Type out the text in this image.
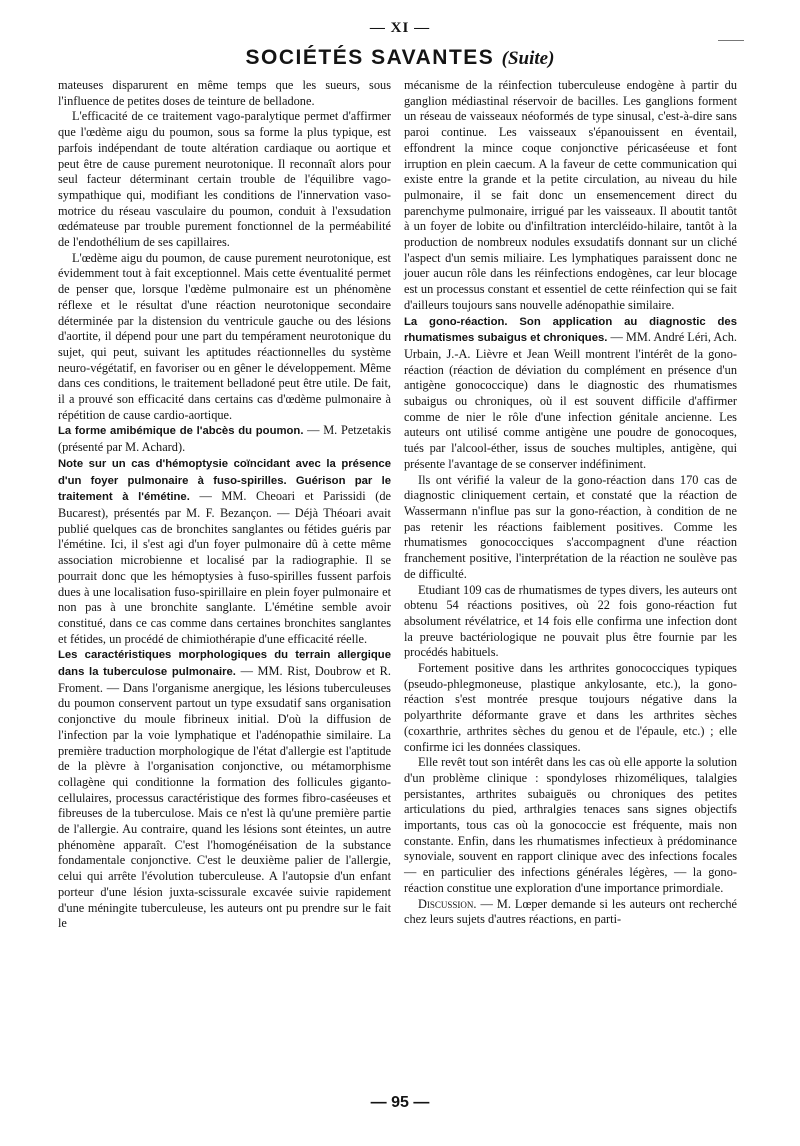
— XI —
SOCIÉTÉS SAVANTES (Suite)

mateuses disparurent en même temps que les sueurs, sous l'influence de petites doses de teinture de belladone.

L'efficacité de ce traitement vago-paralytique permet d'affirmer que l'œdème aigu du poumon, sous sa forme la plus typique, est parfois indépendant de toute altération cardiaque ou aortique et peut être de cause purement neurotonique. Il reconnaît alors pour seul facteur déterminant certain trouble de l'équilibre vago-sympathique qui, modifiant les conditions de l'innervation vaso-motrice du réseau vasculaire du poumon, conduit à l'exsudation œdémateuse par trouble purement fonctionnel de la perméabilité de l'endothélium de ses capillaires.

L'œdème aigu du poumon, de cause purement neurotonique, est évidemment tout à fait exceptionnel. Mais cette éventualité permet de penser que, lorsque l'œdème pulmonaire est un phénomène réflexe et le résultat d'une réaction neurotonique secondaire déterminée par la distension du ventricule gauche ou des lésions d'aortite, il dépend pour une part du tempérament neurotonique du sujet, qui peut, suivant les aptitudes réactionnelles du système neuro-végétatif, en favoriser ou en gêner le développement. Même dans ces conditions, le traitement belladoné peut être utile. De fait, il a prouvé son efficacité dans certains cas d'œdème pulmonaire à répétition de cause cardio-aortique.

La forme amibémique de l'abcès du poumon. — M. Petzetakis (présenté par M. Achard).

Note sur un cas d'hémoptysie coïncidant avec la présence d'un foyer pulmonaire à fuso-spirilles. Guérison par le traitement à l'émétine. — MM. Cheoari et Parissidi (de Bucarest), présentés par M. F. Bezançon. — Déjà Théoari avait publié quelques cas de bronchites sanglantes ou fétides guéris par l'émétine. Ici, il s'est agi d'un foyer pulmonaire dû à cette même association microbienne et localisé par la radiographie. Il se pourrait donc que les hémoptysies à fuso-spirilles fussent parfois dues à une localisation fuso-spirillaire en plein foyer pulmonaire et non pas à une bronchite sanglante. L'émétine semble avoir constitué, dans ce cas comme dans certaines bronchites sanglantes et fétides, un procédé de chimiothérapie d'une efficacité réelle.

Les caractéristiques morphologiques du terrain allergique dans la tuberculose pulmonaire. — MM. Rist, Doubrow et R. Froment. — Dans l'organisme anergique, les lésions tuberculeuses du poumon conservent partout un type exsudatif sans organisation conjonctive du moule fibrineux initial. D'où la diffusion de l'infection par la voie lymphatique et l'adénopathie similaire. La première traduction morphologique de l'état d'allergie est l'aptitude de la plèvre à l'organisation conjonctive, ou métamorphisme collagène qui conditionne la formation des follicules giganto-cellulaires, processus caractéristique des formes fibro-caséeuses et fibreuses de la tuberculose. Mais ce n'est là qu'une première partie de l'allergie. Au contraire, quand les lésions sont éteintes, un autre phénomène apparaît. C'est l'homogénéisation de la substance fondamentale conjonctive. C'est le deuxième palier de l'allergie, celui qui arrête l'évolution tuberculeuse. A l'autopsie d'un enfant porteur d'une lésion juxta-scissurale excavée suivie rapidement d'une méningite tuberculeuse, les auteurs ont pu prendre sur le fait le

mécanisme de la réinfection tuberculeuse endogène à partir du ganglion médiastinal réservoir de bacilles. Les ganglions forment un réseau de vaisseaux néoformés de type sinusal, c'est-à-dire sans paroi continue. Les vaisseaux s'épanouissent en éventail, effondrent la mince coque conjonctive péricaséeuse et font irruption en plein caecum. A la faveur de cette communication qui existe entre la grande et la petite circulation, au niveau du hile pulmonaire, il se fait donc un ensemencement direct du parenchyme pulmonaire, irrigué par les vaisseaux. Il aboutit tantôt à un foyer de lobite ou d'infiltration intercléido-hilaire, tantôt à la production de nombreux nodules exsudatifs donnant sur un cliché l'aspect d'un semis miliaire. Les lymphatiques paraissent donc ne jouer aucun rôle dans les réinfections endogènes, car leur blocage est un processus constant et essentiel de cette réinfection qui se fait d'ailleurs toujours sans nouvelle adénopathie similaire.

La gono-réaction. Son application au diagnostic des rhumatismes subaigus et chroniques. — MM. André Léri, Ach. Urbain, J.-A. Lièvre et Jean Weill montrent l'intérêt de la gono-réaction (réaction de déviation du complément en présence d'un antigène gonococcique) dans le diagnostic des rhumatismes subaigus ou chroniques, où il est souvent difficile d'affirmer comme de nier le rôle d'une infection génitale ancienne. Les auteurs ont utilisé comme antigène une poudre de gonocoques, tués par l'alcool-éther, issus de souches multiples, antigène, qui présente l'avantage de se conserver indéfiniment.

Ils ont vérifié la valeur de la gono-réaction dans 170 cas de diagnostic cliniquement certain, et constaté que la réaction de Wassermann n'influe pas sur la gono-réaction, à condition de ne pas retenir les réactions faiblement positives. Comme les rhumatismes gonococciques s'accompagnent d'une réaction franchement positive, l'interprétation de la réaction ne soulève pas de difficulté.

Etudiant 109 cas de rhumatismes de types divers, les auteurs ont obtenu 54 réactions positives, où 22 fois gono-réaction fut absolument révélatrice, et 14 fois elle confirma une infection dont la preuve bactériologique ne pouvait plus être fournie par les procédés habituels.

Fortement positive dans les arthrites gonococciques typiques (pseudo-phlegmoneuse, plastique ankylosante, etc.), la gono-réaction s'est montrée presque toujours négative dans la polyarthrite déformante grave et dans les arthrites sèches (coxarthrie, arthrites sèches du genou et de l'épaule, etc.) ; elle confirme ici les données classiques.

Elle revêt tout son intérêt dans les cas où elle apporte la solution d'un problème clinique : spondyloses rhizoméliques, talalgies persistantes, arthrites subaiguës ou chroniques des petites articulations du pied, arthralgies tenaces sans signes objectifs importants, tous cas où la gonococcie est fréquente, mais non constante. Enfin, dans les rhumatismes infectieux à prédominance synoviale, souvent en rapport clinique avec des infections focales — en particulier des infections générales légères, — la gono-réaction constitue une exploration d'une importance primordiale.

Discussion. — M. Lœper demande si les auteurs ont recherché chez leurs sujets d'autres réactions, en parti-

— 95 —
